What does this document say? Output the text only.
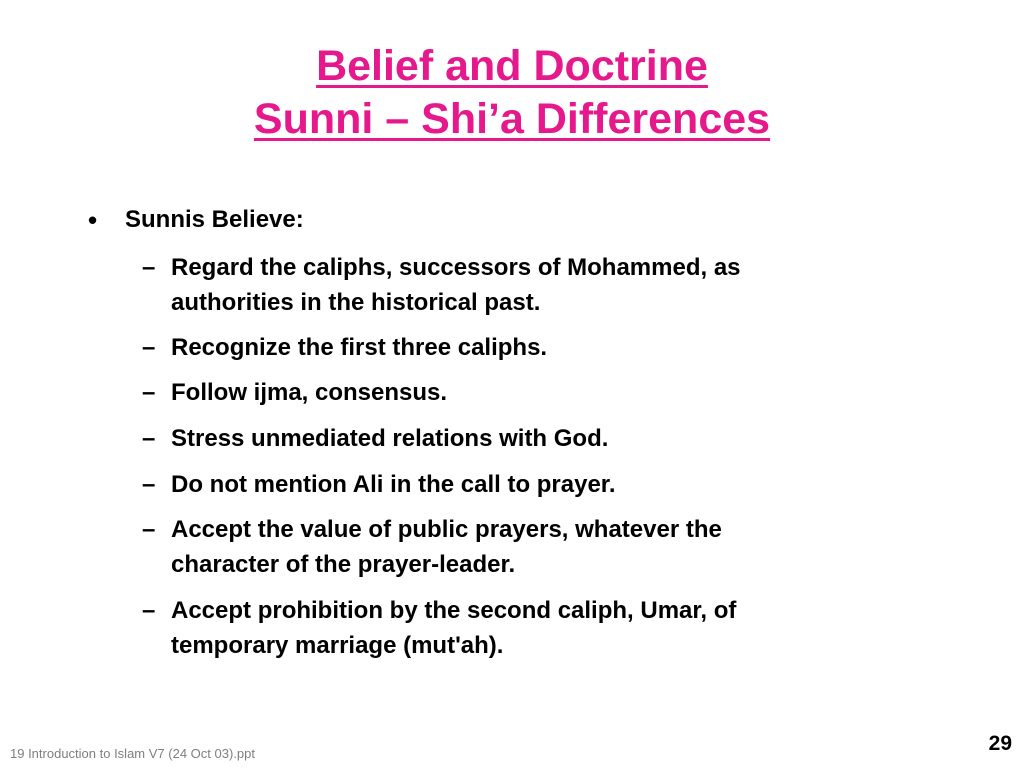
Belief and Doctrine
Sunni – Shi’a Differences
• Sunnis Believe:
– Regard the caliphs, successors of Mohammed, as
authorities in the historical past.
– Recognize the first three caliphs.
– Follow ijma, consensus.
– Stress unmediated relations with God.
– Do not mention Ali in the call to prayer.
– Accept the value of public prayers, whatever the
character of the prayer-leader.
– Accept prohibition by the second caliph, Umar, of
temporary marriage (mut'ah).
19 Introduction to Islam V7 (24 Oct 03).ppt	29
